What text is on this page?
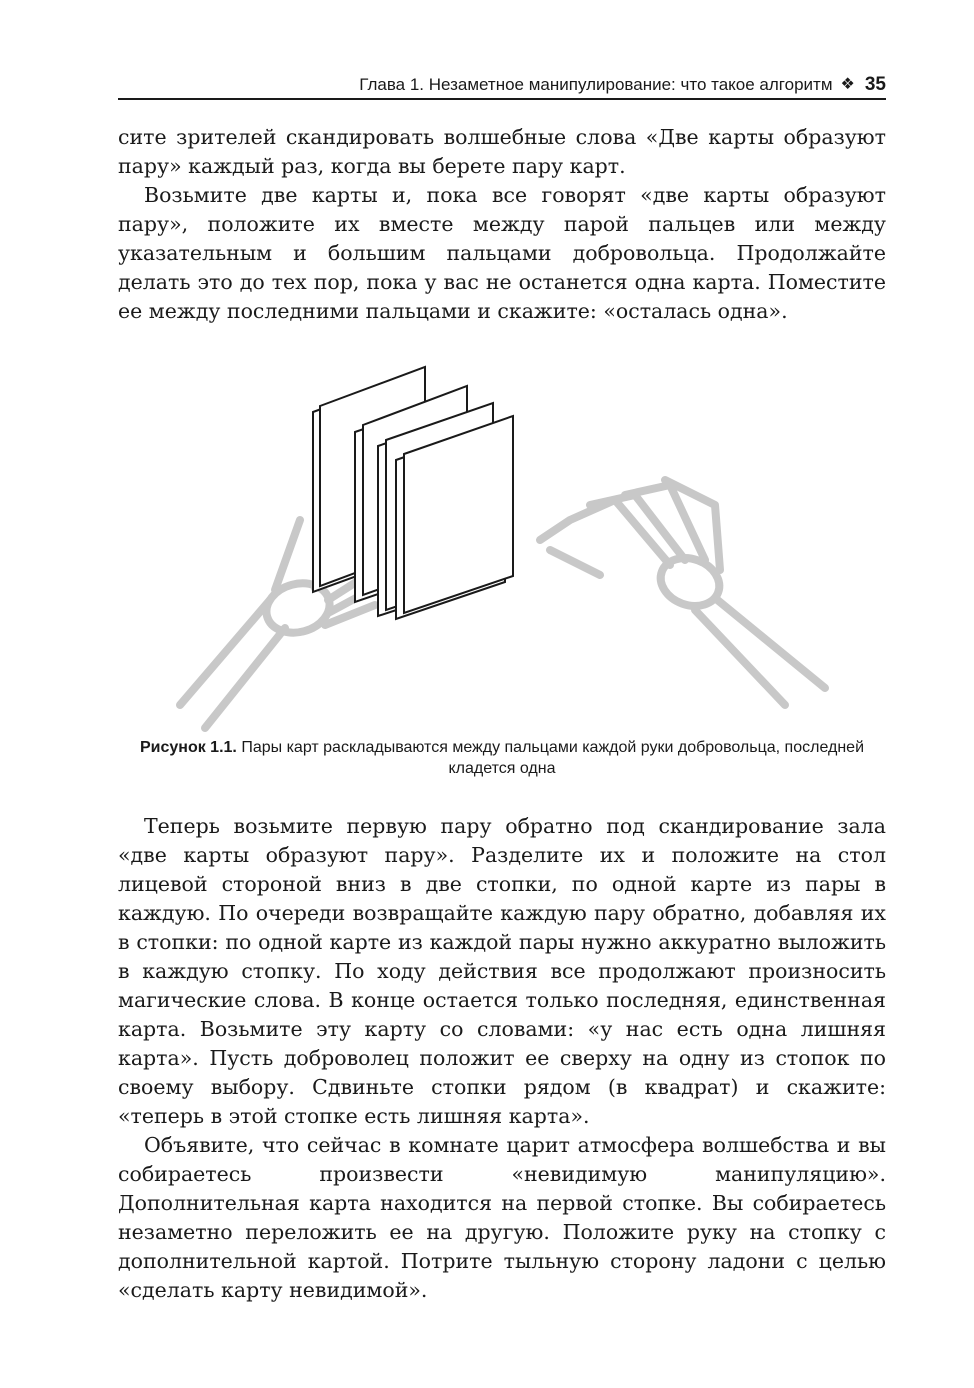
Глава 1. Незаметное манипулирование: что такое алгоритм ❖ 35

сите зрителей скандировать волшебные слова «Две карты образуют пару» каждый раз, когда вы берете пару карт.

Возьмите две карты и, пока все говорят «две карты образуют пару», положите их вместе между парой пальцев или между указательным и большим пальцами добровольца. Продолжайте делать это до тех пор, пока у вас не останется одна карта. Поместите ее между последними пальцами и скажите: «осталась одна».

Рисунок 1.1. Пары карт раскладываются между пальцами каждой руки добровольца, последней кладется одна

Теперь возьмите первую пару обратно под скандирование зала «две карты образуют пару». Разделите их и положите на стол лицевой стороной вниз в две стопки, по одной карте из пары в каждую. По очереди возвращайте каждую пару обратно, добавляя их в стопки: по одной карте из каждой пары нужно аккуратно выложить в каждую стопку. По ходу действия все продолжают произносить магические слова. В конце остается только последняя, единственная карта. Возьмите эту карту со словами: «у нас есть одна лишняя карта». Пусть доброволец положит ее сверху на одну из стопок по своему выбору. Сдвиньте стопки рядом (в квадрат) и скажите: «теперь в этой стопке есть лишняя карта».

Объявите, что сейчас в комнате царит атмосфера волшебства и вы собираетесь произвести «невидимую манипуляцию». Дополнительная карта находится на первой стопке. Вы собираетесь незаметно переложить ее на другую. Положите руку на стопку с дополнительной картой. Потрите тыльную сторону ладони с целью «сделать карту невидимой».
